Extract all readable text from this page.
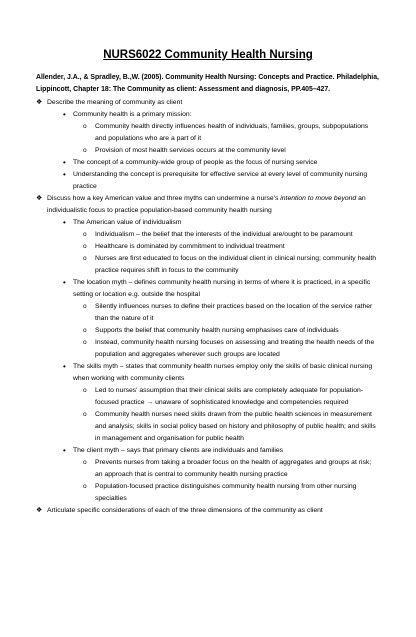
NURS6022 Community Health Nursing
Allender, J.A., & Spradley, B.,W. (2005). Community Health Nursing: Concepts and Practice. Philadelphia, Lippincott, Chapter 18: The Community as client: Assessment and diagnosis, PP.405–427.
❖ Describe the meaning of community as client
• Community health is a primary mission:
o Community health directly influences health of individuals, families, groups, subpopulations and populations who are a part of it
o Provision of most health services occurs at the community level
• The concept of a community-wide group of people as the focus of nursing service
• Understanding the concept is prerequisite for effective service at every level of community nursing practice
❖ Discuss how a key American value and three myths can undermine a nurse's intention to move beyond an individualistic focus to practice population-based community health nursing
• The American value of individualism
o Individualism – the belief that the interests of the individual are/ought to be paramount
o Healthcare is dominated by commitment to individual treatment
o Nurses are first educated to focus on the individual client in clinical nursing; community health practice requires shift in focus to the community
• The location myth – defines community health nursing in terms of where it is practiced, in a specific setting or location e.g. outside the hospital
o Silently influences nurses to define their practices based on the location of the service rather than the nature of it
o Supports the belief that community health nursing emphasises care of individuals
o Instead, community health nursing focuses on assessing and treating the health needs of the population and aggregates wherever such groups are located
• The skills myth – states that community health nurses employ only the skills of basic clinical nursing when working with community clients
o Led to nurses' assumption that their clinical skills are completely adequate for population-focused practice → unaware of sophisticated knowledge and competencies required
o Community health nurses need skills drawn from the public health sciences in measurement and analysis; skills in social policy based on history and philosophy of public health; and skills in management and organisation for public health
• The client myth – says that primary clients are individuals and families
o Prevents nurses from taking a broader focus on the health of aggregates and groups at risk; an approach that is central to community health nursing practice
o Population-focused practice distinguishes community health nursing from other nursing specialties
❖ Articulate specific considerations of each of the three dimensions of the community as client
